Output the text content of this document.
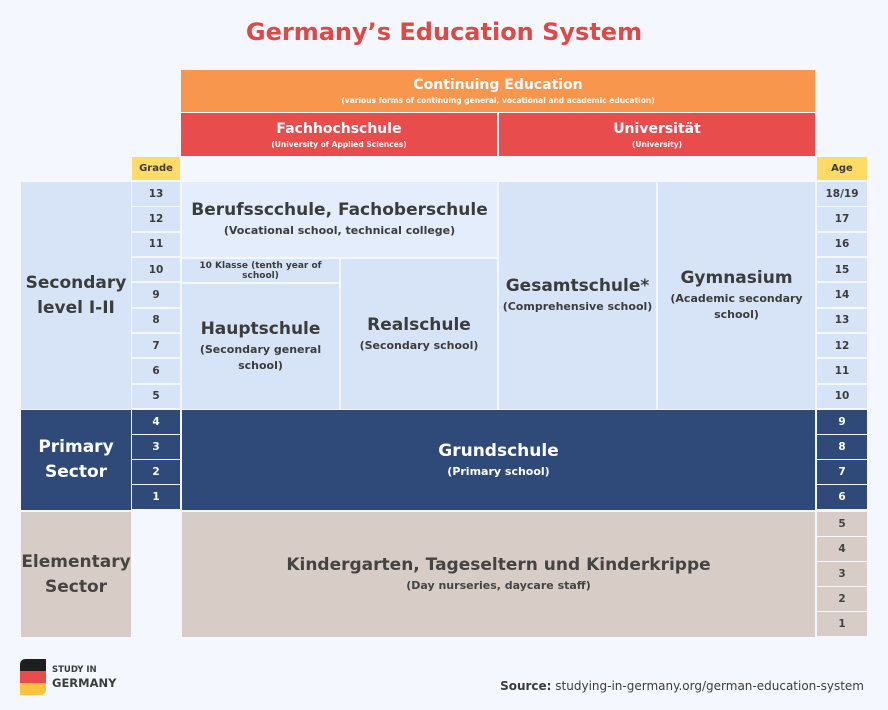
Germany’s Education System
Continuing Education
(various forms of continuing general, vocational and academic education)
Fachhochschule
(University of Applied Sciences)
Universität
(University)
Grade	Age
Secondary level I-II
Primary Sector
Elementary Sector
13
12
11
10
9
8
7
6
5
4
3
2
1
18/19
17
16
15
14
13
12
11
10
9
8
7
6
5
4
3
2
1
Berufsscchule, Fachoberschule
(Vocational school, technical college)
10 Klasse (tenth year of school)
Hauptschule
(Secondary general school)
Realschule
(Secondary school)
Gesamtschule*
(Comprehensive school)
Gymnasium
(Academic secondary school)
Grundschule
(Primary school)
Kindergarten, Tageseltern und Kinderkrippe
(Day nurseries, daycare staff)
STUDY IN
GERMANY	Source: studying-in-germany.org/german-education-system
